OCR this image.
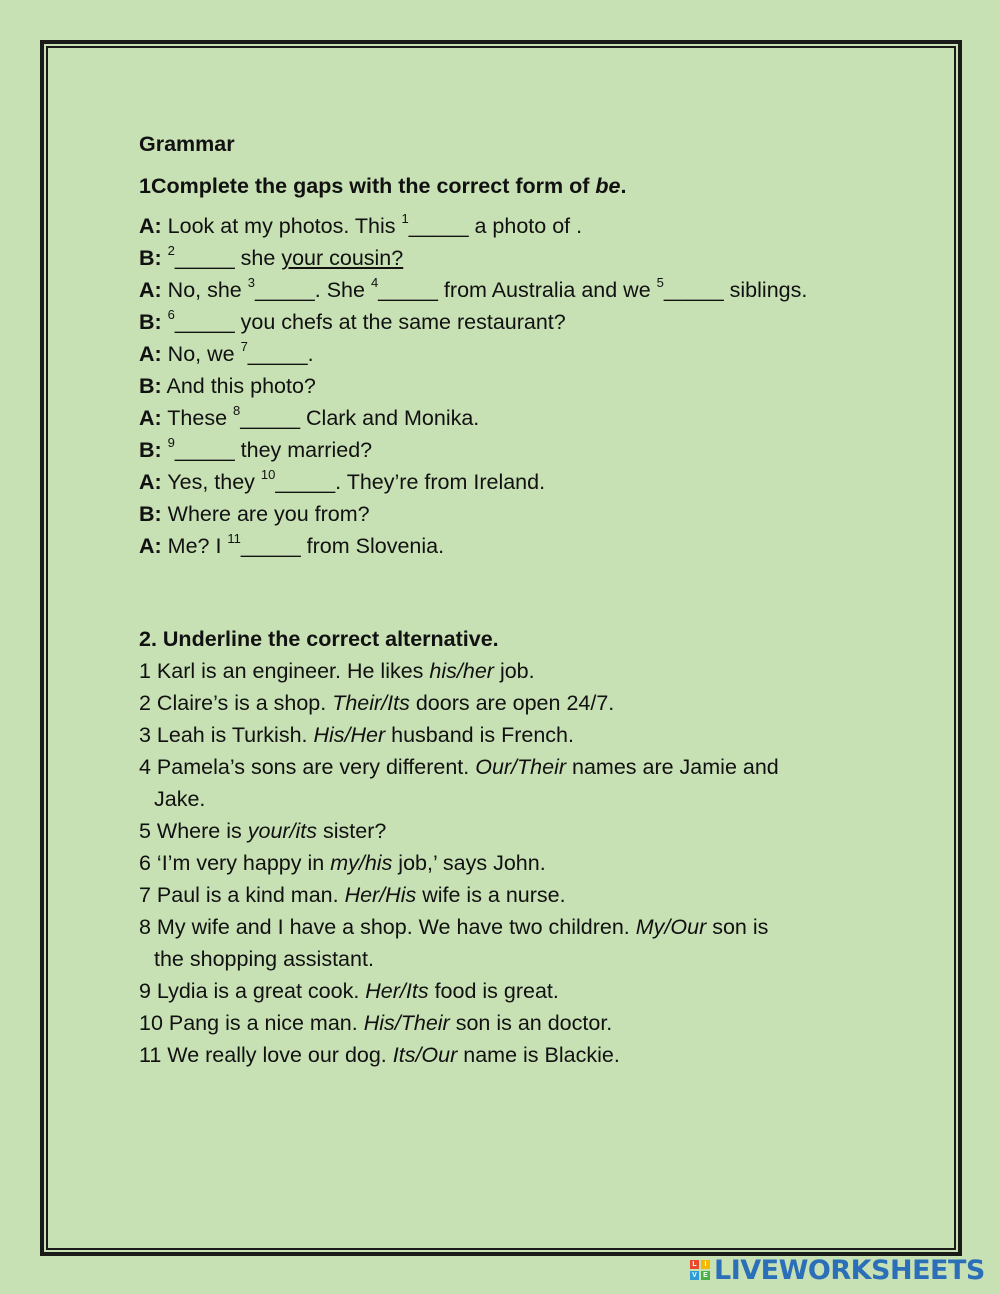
Grammar

1Complete the gaps with the correct form of be.

A: Look at my photos. This $^1$_____ a photo of .

B: $^2$_____ she your cousin?

A: No, she $^3$_____. She $^4$_____ from Australia and we $^5$_____ siblings.

B: $^6$_____ you chefs at the same restaurant?

A: No, we $^7$_____.

B: And this photo?

A: These $^8$_____ Clark and Monika.

B: $^9$_____ they married?

A: Yes, they $^{10}$_____. They’re from Ireland.

B: Where are you from?

A: Me? I $^{11}$_____ from Slovenia.

2. Underline the correct alternative.

1 Karl is an engineer. He likes his/her job.

2 Claire’s is a shop. Their/Its doors are open 24/7.

3 Leah is Turkish. His/Her husband is French.

4 Pamela’s sons are very different. Our/Their names are Jamie and
Jake.

5 Where is your/its sister?

6 ‘I’m very happy in my/his job,’ says John.

7 Paul is a kind man. Her/His wife is a nurse.

8 My wife and I have a shop. We have two children. My/Our son is
the shopping assistant.

9 Lydia is a great cook. Her/Its food is great.

10 Pang is a nice man. His/Their son is an doctor.

11 We really love our dog. Its/Our name is Blackie.

L	I
V E LIVEWORKSHEETS
